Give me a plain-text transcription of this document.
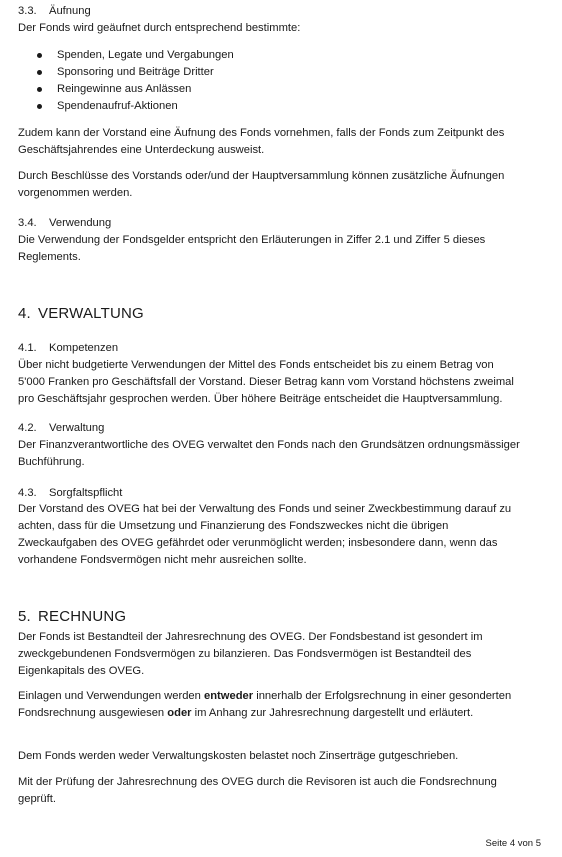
3.3. Äufnung
Der Fonds wird geäufnet durch entsprechend bestimmte:
Spenden, Legate und Vergabungen
Sponsoring und Beiträge Dritter
Reingewinne aus Anlässen
Spendenaufruf-Aktionen
Zudem kann der Vorstand eine Äufnung des Fonds vornehmen, falls der Fonds zum Zeitpunkt des
Geschäftsjahrendes eine Unterdeckung ausweist.
Durch Beschlüsse des Vorstands oder/und der Hauptversammlung können zusätzliche Äufnungen
vorgenommen werden.
3.4. Verwendung
Die Verwendung der Fondsgelder entspricht den Erläuterungen in Ziffer 2.1 und Ziffer 5 dieses
Reglements.
4. VERWALTUNG
4.1. Kompetenzen
Über nicht budgetierte Verwendungen der Mittel des Fonds entscheidet bis zu einem Betrag von
5'000 Franken pro Geschäftsfall der Vorstand. Dieser Betrag kann vom Vorstand höchstens zweimal
pro Geschäftsjahr gesprochen werden. Über höhere Beiträge entscheidet die Hauptversammlung.
4.2. Verwaltung
Der Finanzverantwortliche des OVEG verwaltet den Fonds nach den Grundsätzen ordnungsmässiger
Buchführung.
4.3. Sorgfaltspflicht
Der Vorstand des OVEG hat bei der Verwaltung des Fonds und seiner Zweckbestimmung darauf zu
achten, dass für die Umsetzung und Finanzierung des Fondszweckes nicht die übrigen
Zweckaufgaben des OVEG gefährdet oder verunmöglicht werden; insbesondere dann, wenn das
vorhandene Fondsvermögen nicht mehr ausreichen sollte.
5. RECHNUNG
Der Fonds ist Bestandteil der Jahresrechnung des OVEG. Der Fondsbestand ist gesondert im
zweckgebundenen Fondsvermögen zu bilanzieren. Das Fondsvermögen ist Bestandteil des
Eigenkapitals des OVEG.
Einlagen und Verwendungen werden entweder innerhalb der Erfolgsrechnung in einer gesonderten
Fondsrechnung ausgewiesen oder im Anhang zur Jahresrechnung dargestellt und erläutert.
Dem Fonds werden weder Verwaltungskosten belastet noch Zinserträge gutgeschrieben.
Mit der Prüfung der Jahresrechnung des OVEG durch die Revisoren ist auch die Fondsrechnung
geprüft.
Seite 4 von 5
